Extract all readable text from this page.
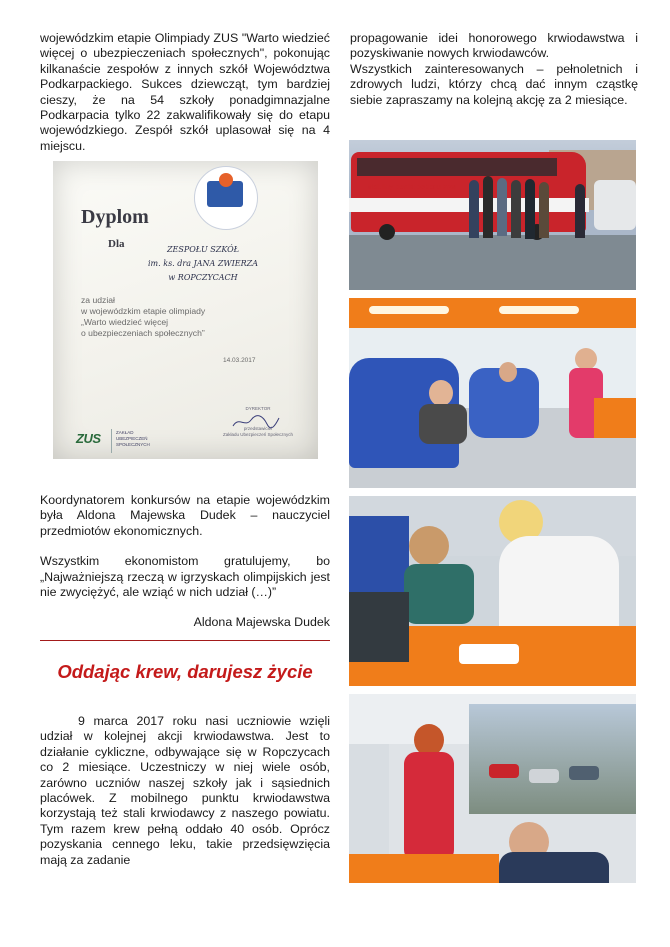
wojewódzkim etapie Olimpiady ZUS "Warto wiedzieć więcej o ubezpieczeniach społecznych", pokonując kilkanaście zespołów z innych szkół Województwa Podkarpackiego. Sukces dziewcząt, tym bardziej cieszy, że na 54 szkoły ponadgimnazjalne Podkarpacia tylko 22 zakwalifikowały się do etapu wojewódzkiego. Zespół szkół uplasował się na 4 miejscu.

Dyplom
Dla	ZESPOŁU SZKÓŁ
im. ks. dra JANA ZWIERZA
w ROPCZYCACH
za udział
w wojewódzkim etapie olimpiady
„Warto wiedzieć więcej
o ubezpieczeniach społecznych”
14.03.2017
DYREKTOR
przedstawiciel
Zakładu Ubezpieczeń Społecznych
ZUS	ZAKŁAD
UBEZPIECZEŃ
SPOŁECZNYCH

Koordynatorem konkursów na etapie wojewódzkim była Aldona Majewska Dudek – nauczyciel przedmiotów ekonomicznych.

Wszystkim ekonomistom gratulujemy, bo „Najważniejszą rzeczą w igrzyskach olimpijskich jest nie zwyciężyć, ale wziąć w nich udział (…)”

Aldona Majewska Dudek

Oddając krew, darujesz życie

9 marca 2017 roku nasi uczniowie wzięli udział w kolejnej akcji krwiodawstwa. Jest to działanie cykliczne, odbywające się w Ropczycach co 2 miesiące. Uczestniczy w niej wiele osób, zarówno uczniów naszej szkoły jak i sąsiednich placówek. Z mobilnego punktu krwiodawstwa korzystają też stali krwiodawcy z naszego powiatu. Tym razem krew pełną oddało 40 osób. Oprócz pozyskania cennego leku, takie przedsięwzięcia mają za zadanie

propagowanie idei honorowego krwiodawstwa i pozyskiwanie nowych krwiodawców.

Wszystkich zainteresowanych – pełnoletnich i zdrowych ludzi, którzy chcą dać innym cząstkę siebie zapraszamy na kolejną akcję za 2 miesiące.

Mobilny punkt poboru krwi
